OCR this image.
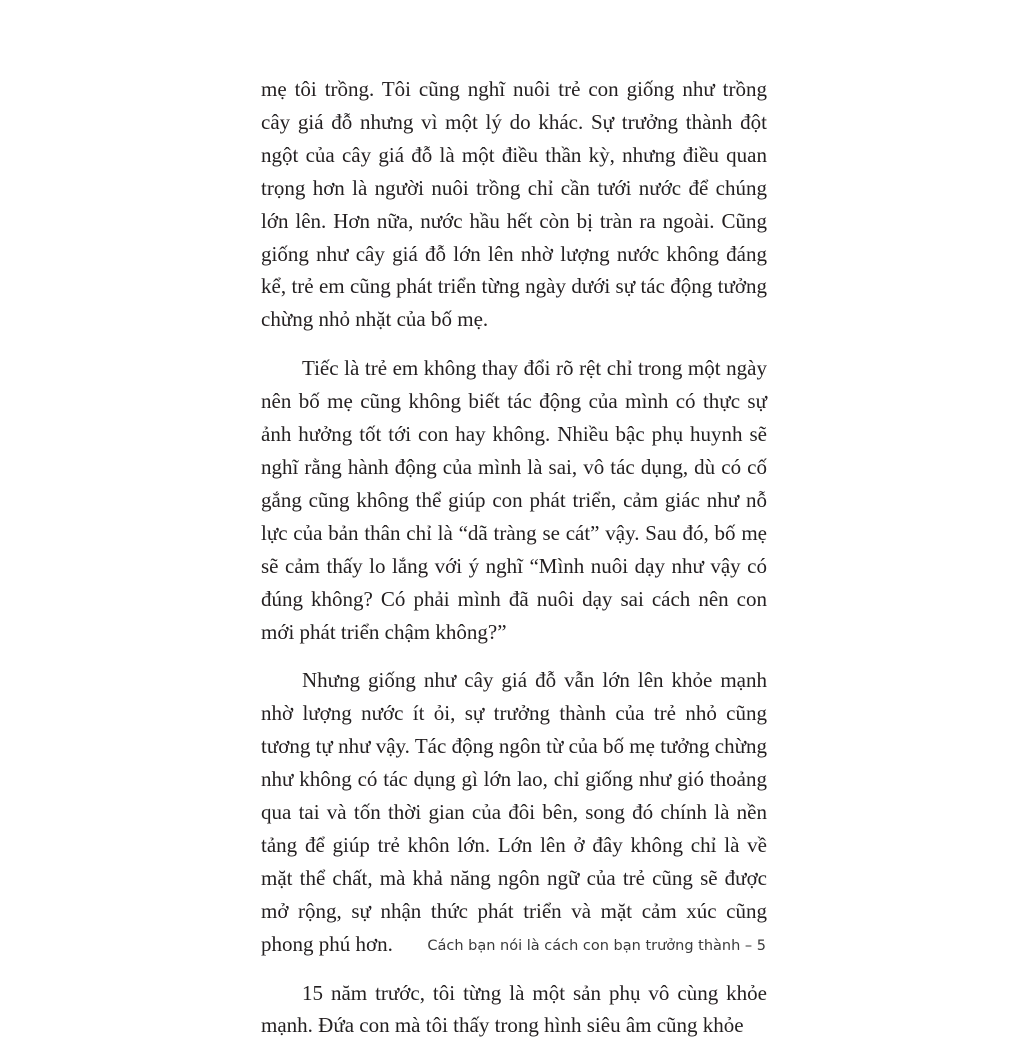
mẹ tôi trồng. Tôi cũng nghĩ nuôi trẻ con giống như trồng cây giá đỗ nhưng vì một lý do khác. Sự trưởng thành đột ngột của cây giá đỗ là một điều thần kỳ, nhưng điều quan trọng hơn là người nuôi trồng chỉ cần tưới nước để chúng lớn lên. Hơn nữa, nước hầu hết còn bị tràn ra ngoài. Cũng giống như cây giá đỗ lớn lên nhờ lượng nước không đáng kể, trẻ em cũng phát triển từng ngày dưới sự tác động tưởng chừng nhỏ nhặt của bố mẹ.

Tiếc là trẻ em không thay đổi rõ rệt chỉ trong một ngày nên bố mẹ cũng không biết tác động của mình có thực sự ảnh hưởng tốt tới con hay không. Nhiều bậc phụ huynh sẽ nghĩ rằng hành động của mình là sai, vô tác dụng, dù có cố gắng cũng không thể giúp con phát triển, cảm giác như nỗ lực của bản thân chỉ là “dã tràng se cát” vậy. Sau đó, bố mẹ sẽ cảm thấy lo lắng với ý nghĩ “Mình nuôi dạy như vậy có đúng không? Có phải mình đã nuôi dạy sai cách nên con mới phát triển chậm không?”

Nhưng giống như cây giá đỗ vẫn lớn lên khỏe mạnh nhờ lượng nước ít ỏi, sự trưởng thành của trẻ nhỏ cũng tương tự như vậy. Tác động ngôn từ của bố mẹ tưởng chừng như không có tác dụng gì lớn lao, chỉ giống như gió thoảng qua tai và tốn thời gian của đôi bên, song đó chính là nền tảng để giúp trẻ khôn lớn. Lớn lên ở đây không chỉ là về mặt thể chất, mà khả năng ngôn ngữ của trẻ cũng sẽ được mở rộng, sự nhận thức phát triển và mặt cảm xúc cũng phong phú hơn.

15 năm trước, tôi từng là một sản phụ vô cùng khỏe mạnh. Đứa con mà tôi thấy trong hình siêu âm cũng khỏe

Cách bạn nói là cách con bạn trưởng thành – 5
